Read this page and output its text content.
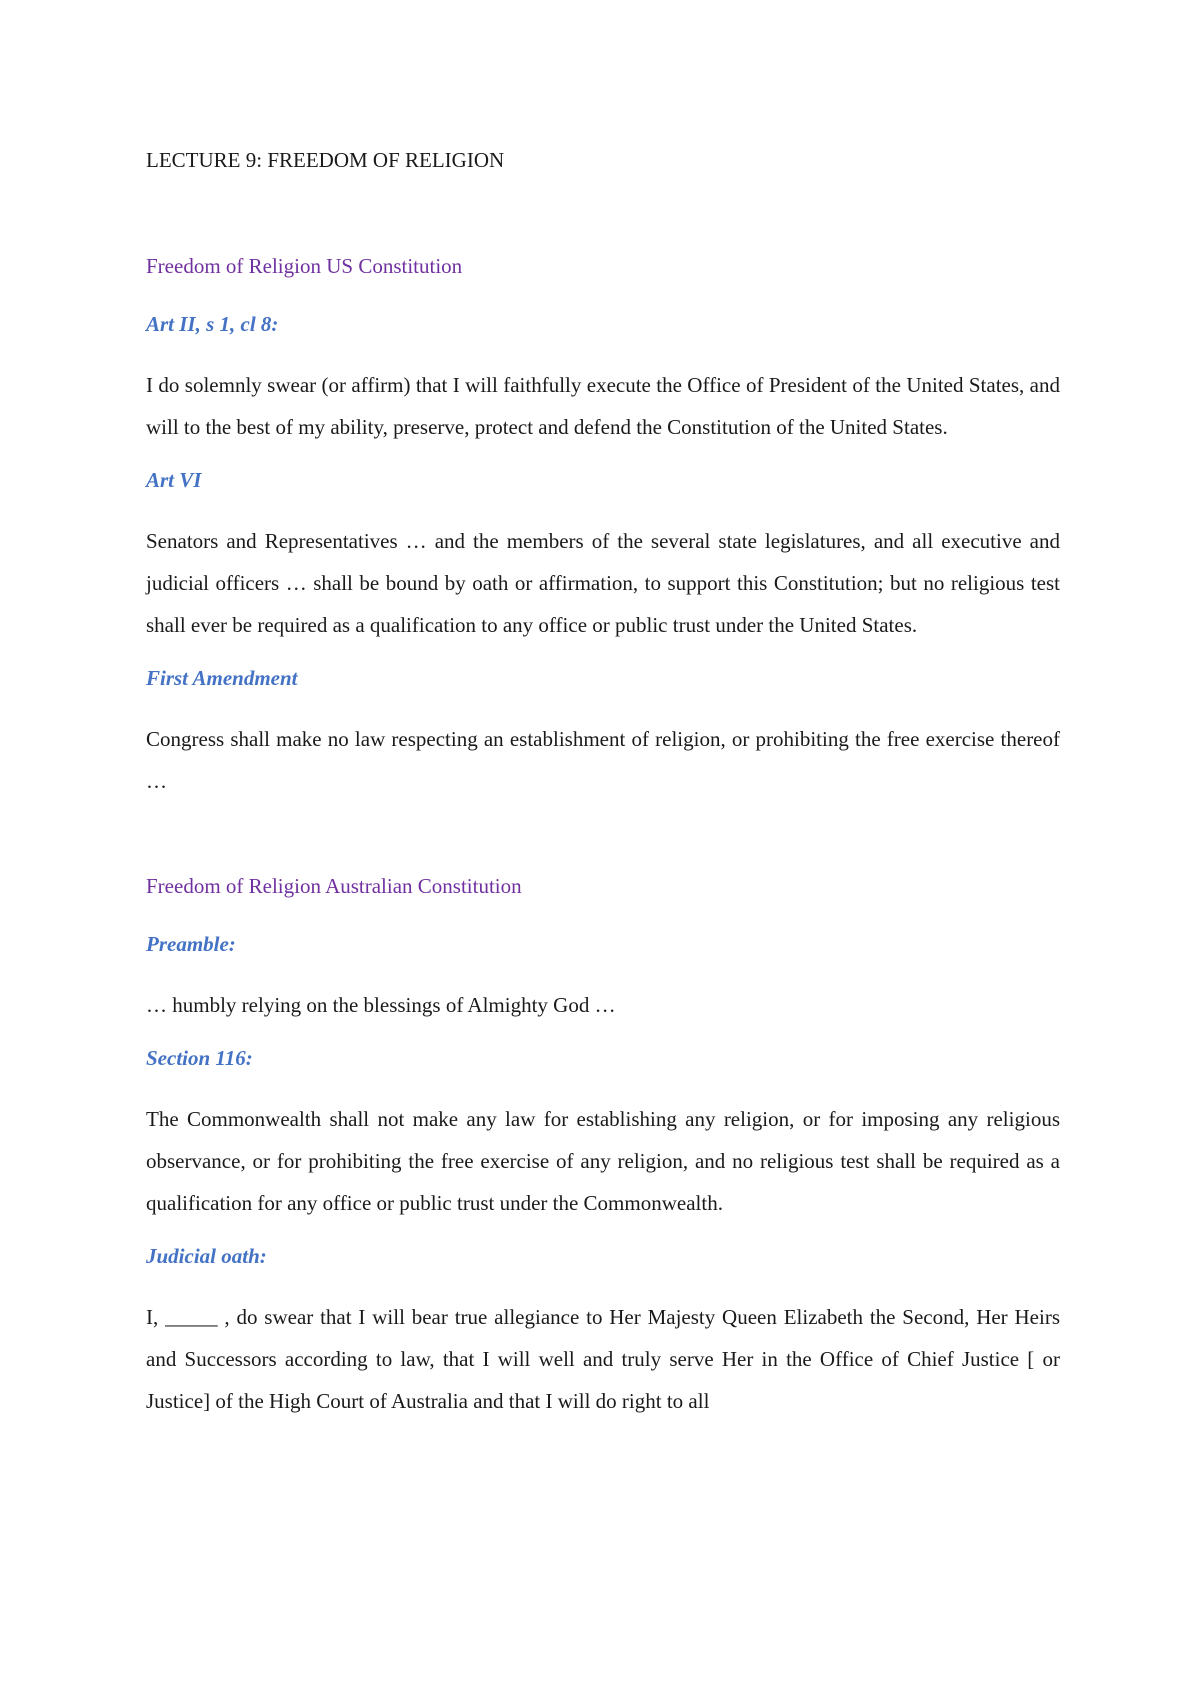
LECTURE 9: FREEDOM OF RELIGION
Freedom of Religion US Constitution
Art II, s 1, cl 8:

I do solemnly swear (or affirm) that I will faithfully execute the Office of President of the United States, and will to the best of my ability, preserve, protect and defend the Constitution of the United States.

Art VI

Senators and Representatives … and the members of the several state legislatures, and all executive and judicial officers … shall be bound by oath or affirmation, to support this Constitution; but no religious test shall ever be required as a qualification to any office or public trust under the United States.

First Amendment

Congress shall make no law respecting an establishment of religion, or prohibiting the free exercise thereof …

Freedom of Religion Australian Constitution
Preamble:

… humbly relying on the blessings of Almighty God …

Section 116:

The Commonwealth shall not make any law for establishing any religion, or for imposing any religious observance, or for prohibiting the free exercise of any religion, and no religious test shall be required as a qualification for any office or public trust under the Commonwealth.

Judicial oath:

I, _____ , do swear that I will bear true allegiance to Her Majesty Queen Elizabeth the Second, Her Heirs and Successors according to law, that I will well and truly serve Her in the Office of Chief Justice [ or Justice] of the High Court of Australia and that I will do right to all
